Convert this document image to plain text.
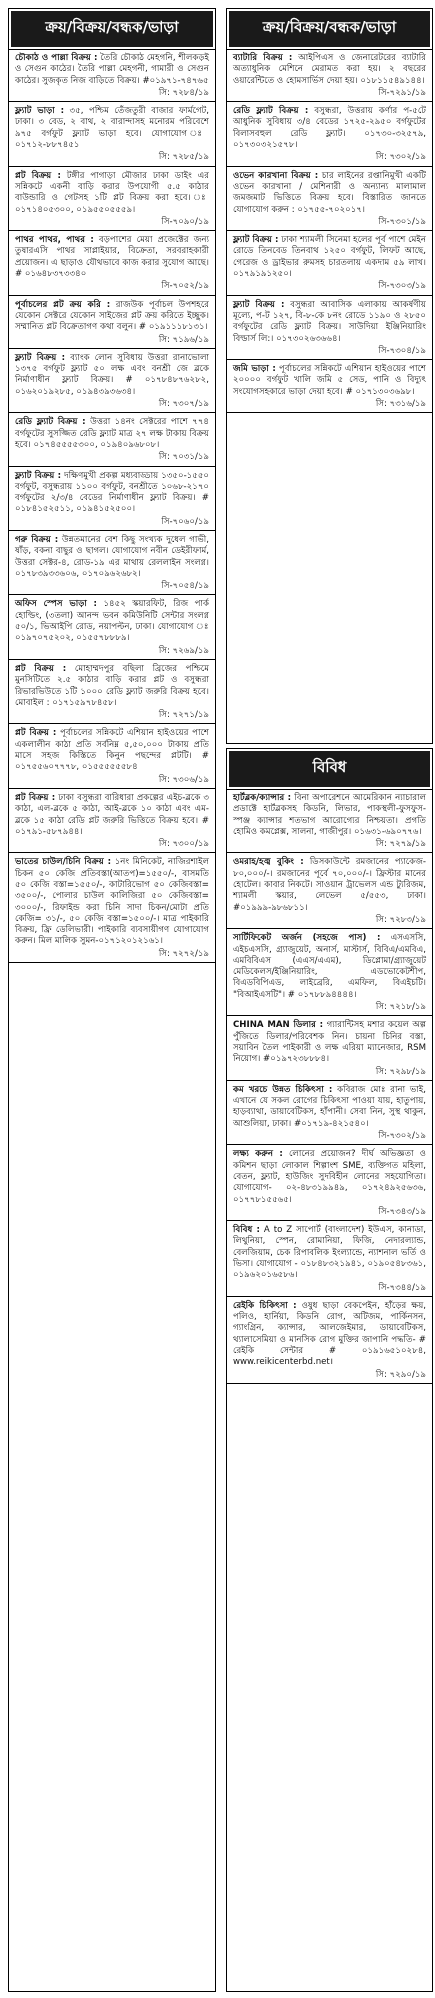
ক্রয়/বিক্রয়/বন্ধক/ভাড়া
চৌকাঠ ও পাল্লা বিক্রয় : তৈরি চৌকাঠ মেহগনি, শীলকড়ই ও সেগুন কাঠের। তৈরি পাল্লা মেহগনী, গামারী ও সেগুন কাঠের। সুজকৃত নিজ বাড়িতে বিক্রয়। #০১৯৭১-৭৪৭৬৫
সি: ৭২৮৪/১৯
ফ্ল্যাট ভাড়া : ৩৫, পশ্চিম তেঁজতুরী বাজার ফার্মগেট, ঢাকা। ৩ বেড, ২ বাথ, ২ বারান্দাসহ মনোরম পরিবেশে ৯৭৫ বর্গফুট ফ্ল্যাট ভাড়া হবে। যোগাযোগ ঃ ০১৭১২-৮৮৭৪৫১
সি: ৭২৮৫/১৯
প্লট বিক্রয় : টঙ্গীর পাগাড়া মৌজার ঢাকা ডাইং এর সন্নিকটে একনী বাড়ি করার উপযোগী ৫.৫ কাঠার বাউন্ডারি ও গেটসহ ১টি প্লট বিক্রয় করা হবে। ঃ ০১৭১৪০৫৩০০, ০১৯৫৫০৫৫৫৯।
সি-৭০৯০/১৯
পাথর পাথর, পাথর : বড়পাশের মেয়া প্রজেক্টের জন্য তুষারএসি পাথর সাপ্লাইয়ার, বিক্রেতা, সরবরাহকারী প্রয়োজন। এ ছাড়াও যৌথভাবে কাজ করার সুযোগ আছে। # ০১৬৪৮৩৭৩৩৪০
সি-৭০৫২/১৯
পূর্বাচলের প্লট ক্রয় করি : রাজউক পূর্বাচল উপশহরে যেকোন সেক্টরে যেকোন সাইজের প্লট ক্রয় করিতে ইচ্ছুক। সম্মানিত প্লট বিক্রেতাগণ কথা বলুন। # ০১৯১১১৮১৩১।
সি: ৭১৯৬/১৯
ফ্ল্যাট বিক্রয় : ব্যাংক লোন সুবিধায় উত্তরা রানাভোলা ১৩৭৫ বর্গফুট ফ্ল্যাট ৫০ লক্ষ এবং বনশ্রী জে ব্লকে নির্মাণাধীন ফ্ল্যাট বিক্রয়। # ০১৭৮৪৮৭৬২৮২, ০১৬২০১৯২৮৫, ০১৯৪৩৯৩৬৩৪।
সি: ৭৩০৭/১৯
রেডি ফ্ল্যাট বিক্রয় : উত্তরা ১৪নং সেক্টরের পাশে ৭৭৪ বর্গফুটের সুসজ্জিত রেডি ফ্ল্যাট মাত্র ২৭ লক্ষ টাকায় বিক্রয় হবে। ০১৭৪৫৫৫৫৩০০, ০১৯৪০৯৬৮০৮।
সি: ৭০৩১/১৯
ফ্ল্যাট বিক্রয় : দক্ষিণমুখী প্রকল্প মধ্যবাড্ডায় ১৩৫০-১৫৫০ বর্গফুট, বসুন্ধরায় ১১০০ বর্গফুট, বনশ্রীতে ১০৬৮-২১৭০ বর্গফুটের ২/৩/৪ বেডের নির্মাণাধীন ফ্ল্যাট বিক্রয়। # ০১৮৪১৫২৫১১, ০১৯৪১৫২৫০০।
সি-৭০৬০/১৯
গরু বিক্রয় : উন্নতমানের বেশ কিছু সংখ্যক দুধেল গাভী, ষাঁড়, বকনা বাছুর ও ছাগল। যোগাযোগ নবীন ডেইরীফার্ম, উত্তরা সেক্টর-৪, রোড-১৯ এর মাথায় রেললাইন সংলগ্ন। ০১৭৮৩৯৩৩৬০৬, ০১৭০৯৬২৬৮২।
সি-৭০৫৪/১৯
অফিস স্পেস ভাড়া : ১৪৫২ স্কয়ারফিট, রিজ পার্ক হোল্ডিং, (৩তলা) আনন্দ ভবন কমিউনিটি সেন্টার সংলগ্ন ৫০/১, ভিআইপি রোড, নয়াপল্টন, ঢাকা। যোগাযোগ ঃ ০১৯৭০৭৫২০২, ০১৫৫৭৮৮৮৯।
সি: ৭২৬৯/১৯
প্লট বিক্রয় : মোহাম্মদপুর বছিলা ব্রিজের পশ্চিমে মুনসিটিতে ২.৫ কাঠার বাড়ি করার প্লট ও বসুন্ধরা রিভারভিউতে ১টি ১০০০ রেডি ফ্ল্যাট জরুরি বিক্রয় হবে। মোবাইল : ০১৭১৫৯৭৮৪৫৮।
সি: ৭২৭১/১৯
প্লট বিক্রয় : পূর্বাচলের সন্নিকটে এশিয়ান হাইওয়ের পাশে একলালীন কাঠা প্রতি সর্বনিম্ন ৫,৫০,০০০ টাকায় প্রতি মাসে সহজ কিস্তিতে কিনুন পছন্দের প্লটটি। # ০১৭৫৫৬০৭৭৭৮, ০১৫৫৫৫৫৫৮৪
সি: ৭৩০৬/১৯
প্লট বিক্রয় : ঢাকা বসুন্ধরা বারিধারা প্রকল্পের এইচ-ব্লকে ৩ কাঠা, এল-ব্লকে ৫ কাঠা, আই-ব্লকে ১০ কাঠা এবং এম-ব্লকে ১৫ কাঠা রেডি প্লট জরুরি ভিত্তিতে বিক্রয় হবে। # ০১৭৯১-৫৮৭৯৪৪।
সি: ৭৩০০/১৯
ভাতের চাউল/চিনি বিক্রয় : ১নং মিনিকেট, নাজিরশাইল চিকন ৫০ কেজি প্রতিবস্তা(আতপ)=১৫৫০/-, বাসমতি ৫০ কেজি বস্তা=১৫৫০/-, কাটারিভোগ ৫০ কেজিবস্তা= ৩৫০০/-, পোলার চাউল কালিজিরা ৫০ কেজিবস্তা= ৩০০০/-, রিফাইন্ড করা চিনি সাদা চিকন/মোটা প্রতি কেজি= ৩১/-, ৫০ কেজি বস্তা=১৫০০/-। মাত্র পাইকারি বিক্রয়, ফ্রি ডেলিভারী। পাইকারি ব্যবসায়ীগণ যোগাযোগ করুন। মিল মালিক সুমন-০১৭১২০১২১৬১।
সি: ৭২৭২/১৯
ক্রয়/বিক্রয়/বন্ধক/ভাড়া
ব্যাটারি বিক্রয় : আইপিএস ও জেনারেটরের ব্যাটারি অত্যাধুনিক মেশিনে মেরামত করা হয়। ২ বছরের ওয়ারেন্টিতে ও হোমসার্ভিস দেয়া হয়। ০১৮১১৫৪৯১৪৪।
সি-৭২৯১/১৯
রেডি ফ্ল্যাট বিক্রয় : বসুন্ধরা, উত্তরায় কর্ণার প-৫টে আধুনিক সুবিধায় ৩/৪ বেডের ১৭২৫-২৯৫০ বর্গফুটের বিলাসবহুল রেডি ফ্ল্যাট। ০১৭৩০-৩২৫৭৯, ০১৭৩০৩২১৫৭৮।
সি: ৭৩০২/১৯
ওভেন কারখানা বিক্রয় : চার লাইনের রপ্তানিমুখী একটি ওভেন কারখানা / মেশিনারী ও অন্যান্য মালামাল জমজমাট ভিত্তিতে বিক্রয় হবে। বিস্তারিত জানতে যোগাযোগ করুন : ০১৭৫৫-৭০২০১৭।
সি-৭৩০১/১৯
ফ্ল্যাট বিক্রয় : ঢাকা শ্যামলী সিনেমা হলের পূর্ব পাশে মেইন রোডে তিনবেড তিনবাথ ১২৫০ বর্গফুট, লিফট আছে, গেরেজ ও ড্রাইভার রুমসহ চারতলায় একদাম ৫৯ লাখ। ০১৭৯১৯১২৫০।
সি-৭৩০৩/১৯
ফ্ল্যাট বিক্রয় : বসুন্ধরা আবাসিক এলাকায় আকর্ষণীয় মূল্যে, প-ট ১২৭, বি-৮-কে ৮নং রোডে ১১৯০ ও ২৮৫০ বর্গফুটের রেডি ফ্ল্যাট বিক্রয়। সাউদিয়া ইঞ্জিনিয়ারিং বিল্ডার্স লি:। ০১৭৩০২৬৩৬৬৪।
সি-৭৩০৪/১৯
জমি ভাড়া : পূর্বাচলের সন্নিকটে এশিয়ান হাইওয়ের পাশে ২০০০০ বর্গফুট খালি জমি ৫ সেড, পানি ও বিদ্যুৎ সংযোগসহকারে ভাড়া দেয়া হবে। # ০১৭১৩০৩৬৯৮।
সি: ৭৩১৬/১৯
বিবিধ
হার্টব্লক/ক্যান্সার : বিনা অপারেশনে আমেরিকান ন্যাচারাল প্রডাক্টে হার্টব্লকসহ কিডনি, লিভার, পাকস্থলী-ফুসফুস-স্পঞ্জ ক্যান্সার শতভাগ আরোগ্যের নিশ্চয়তা। প্রগতি হোমিও কমপ্লেক্স, সালনা, গাজীপুর। ০১৬৩১-৬৯০৭৭৬।
সি: ৭২৭৯/১৯
ওমরাহ/হজ্ব বুকিং : ডিসকাউন্টে রমজানের প্যাকেজ- ৮০,০০০/-। রমজানের পূর্বে ৭০,০০০/-। ফ্রিস্টার মানের হোটেল। কাবার নিকটে। সাওয়ান ট্রাভেলস এন্ড ট্যুরিজম, শ্যামলী স্কয়ার, লেভেল ৫/৫৫৩, ঢাকা। #০১৯৯৯-৯৮৬৮১১।
সি: ৭২৮৩/১৯
সার্টিফিকেট অর্জন (সহজে পাস) : এসএসসি, এইচএসসি, গ্র্যাজুয়েট, অনার্স, মাস্টার্স, বিবিএ/এমবিএ, এমবিবিএস (এএস/এএম), ডিপ্লোমা/গ্র্যাজুয়েট মেডিকেলস/ইঞ্জিনিয়ারিং, এডভোকেটশীপ, বিএডবিপিএড, লাইব্রেরি, এমফিল, বিএইচটি। "বিআইএসটি"। # ০১৭৮৮৯৪৪৪৪।
সি: ৭২১৮/১৯
CHINA MAN ডিলার : গ্যারান্টিসহ মশার কয়েল অল্প পুঁজিতে ডিলার/পরিবেশক নিন। চায়না চিনির বস্তা, সয়াবিন তৈল পাইকারী ও লক্ষ এরিয়া ম্যানেজার, RSM নিয়োগ। #০১৯৭২৩৮৮৮৪।
সি: ৭২৯৮/১৯
কম খরচে উন্নত চিকিৎসা : কবিরাজ মোঃ রানা ভাই, এখানে যে সকল রোগের চিকিৎসা পাওয়া যায়, হাতুপায়, হাড়ব্যাথা, ডায়াবেটিকস, হাঁপানী। সেবা নিন, সুস্থ থাকুন, আশুলিয়া, ঢাকা। #০১৭১৯-৪২১৫৪০।
সি-৭৩০২/১৯
লক্ষ্য করুন : লোনের প্রয়োজন? দীর্ঘ অভিজ্ঞতা ও কমিশন ছাড়া লোকাল শিল্পাংশ SME, ব্যক্তিগত মহিলা, বেতন, ফ্ল্যাট, হাউজিং সুদবিহীন লোনের সহযোগিতা। যোগাযোগ- ০২-৪৮৩১৯৯৪৯, ০১৭২৪৯২৫৬৩৬, ০১৭৭৮১৫৫৬৫।
সি-৭৩৪৩/১৯
বিবিধ : A to Z সাপোর্ট (বাংলাদেশ) ইউএস, কানাডা, লিথুনিয়া, স্পেন, রোমানিয়া, ফিজি, নেদারল্যান্ড, বেলজিয়াম, চেক রিপাবলিক ইংল্যান্ডে, ন্যাশনাল ভর্তি ও ভিসা। যোগাযোগ - ০১৮৪৮৩২১৯৪১, ০১৯০৫৪৮৩৬১, ০১৯৬২০১৬৫৮৬।
সি-৭৩৪৪/১৯
রেইকি চিকিৎসা : ওষুধ ছাড়া বেকপেইন, হাঁড়ের ক্ষয়, পলিও, হার্নিয়া, কিডনি রোগ, অটিজম, পার্কিনসন, গ্যাংগ্রিন, ক্যান্সার, আলজেইমার, ডায়াবেটিকস, থ্যালাসেমিয়া ও মানসিক রোগ মুক্তির জাপানি পদ্ধতি- # রেইকি সেন্টার # ০১৯১৬৫১০২৮৪, www.reikicenterbd.net।
সি: ৭২৯০/১৯
